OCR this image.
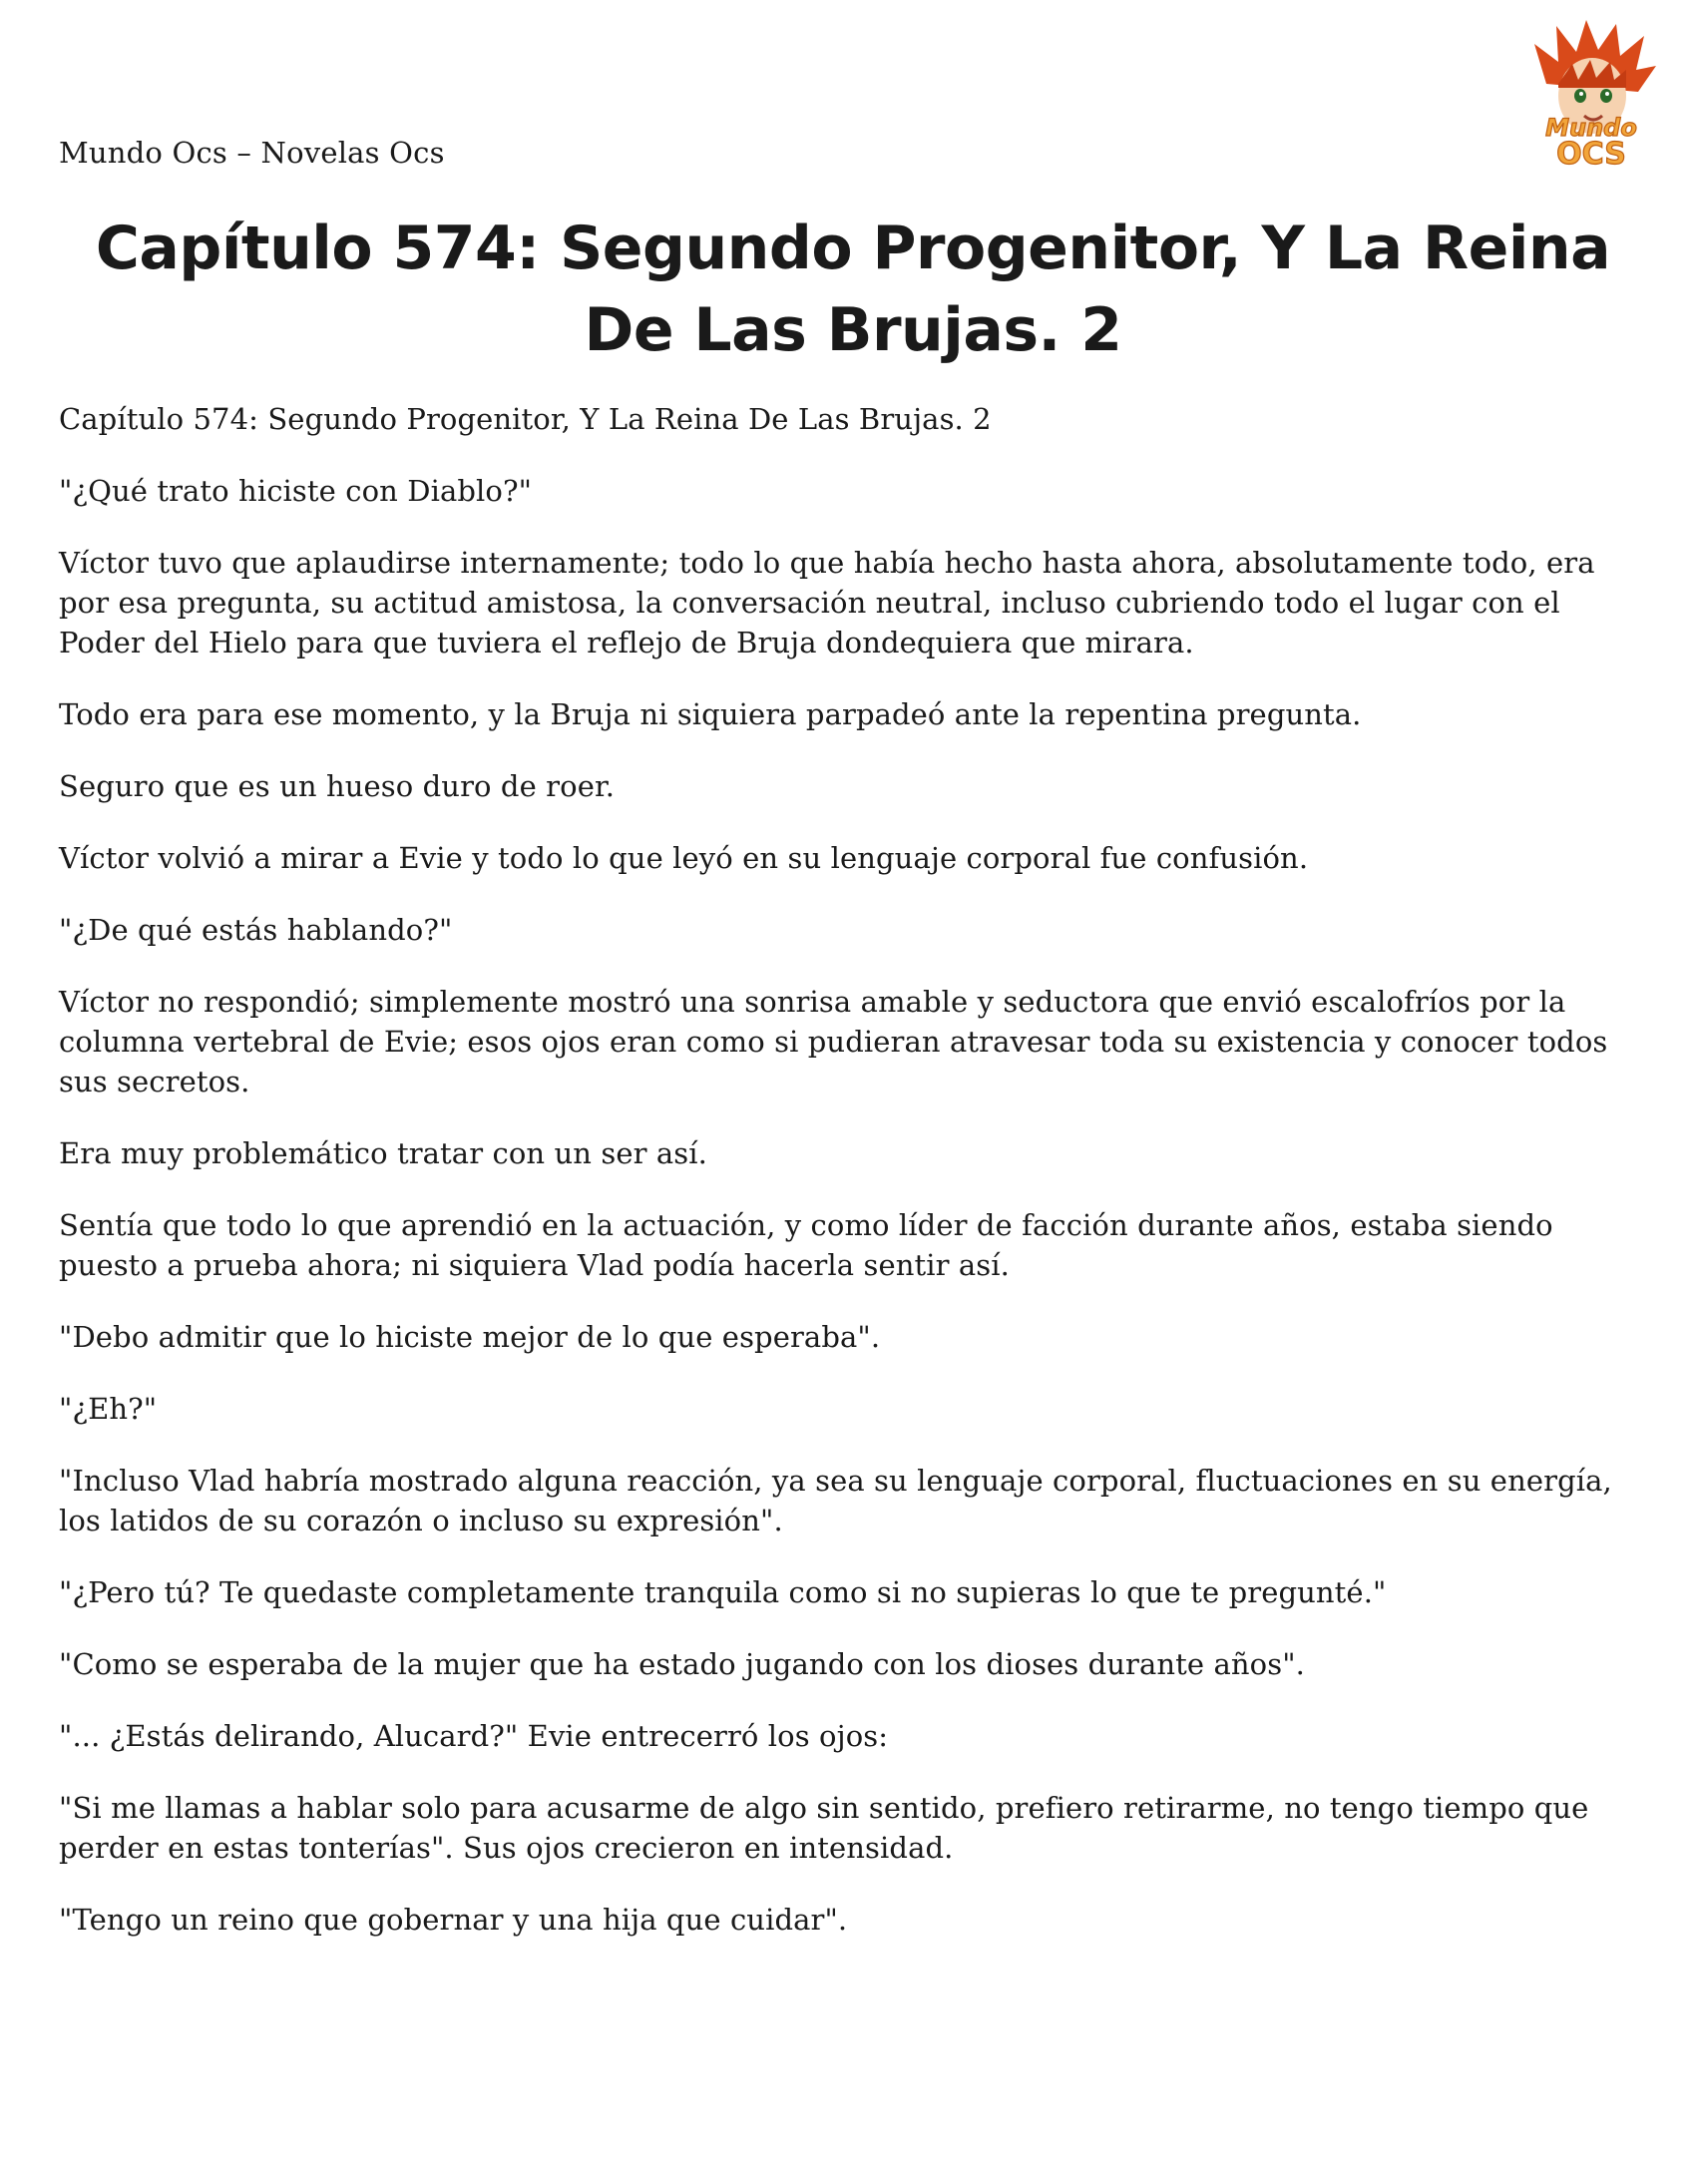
Mundo Ocs – Novelas Ocs
Mundo
OCS
Capítulo 574: Segundo Progenitor, Y La Reina De Las Brujas. 2

Capítulo 574: Segundo Progenitor, Y La Reina De Las Brujas. 2

"¿Qué trato hiciste con Diablo?"

Víctor tuvo que aplaudirse internamente; todo lo que había hecho hasta ahora, absolutamente todo, era por esa pregunta, su actitud amistosa, la conversación neutral, incluso cubriendo todo el lugar con el Poder del Hielo para que tuviera el reflejo de Bruja dondequiera que mirara.

Todo era para ese momento, y la Bruja ni siquiera parpadeó ante la repentina pregunta.

Seguro que es un hueso duro de roer.

Víctor volvió a mirar a Evie y todo lo que leyó en su lenguaje corporal fue confusión.

"¿De qué estás hablando?"

Víctor no respondió; simplemente mostró una sonrisa amable y seductora que envió escalofríos por la columna vertebral de Evie; esos ojos eran como si pudieran atravesar toda su existencia y conocer todos sus secretos.

Era muy problemático tratar con un ser así.

Sentía que todo lo que aprendió en la actuación, y como líder de facción durante años, estaba siendo puesto a prueba ahora; ni siquiera Vlad podía hacerla sentir así.

"Debo admitir que lo hiciste mejor de lo que esperaba".

"¿Eh?"

"Incluso Vlad habría mostrado alguna reacción, ya sea su lenguaje corporal, fluctuaciones en su energía, los latidos de su corazón o incluso su expresión".

"¿Pero tú? Te quedaste completamente tranquila como si no supieras lo que te pregunté."

"Como se esperaba de la mujer que ha estado jugando con los dioses durante años".

"... ¿Estás delirando, Alucard?" Evie entrecerró los ojos:

"Si me llamas a hablar solo para acusarme de algo sin sentido, prefiero retirarme, no tengo tiempo que perder en estas tonterías". Sus ojos crecieron en intensidad.

"Tengo un reino que gobernar y una hija que cuidar".
